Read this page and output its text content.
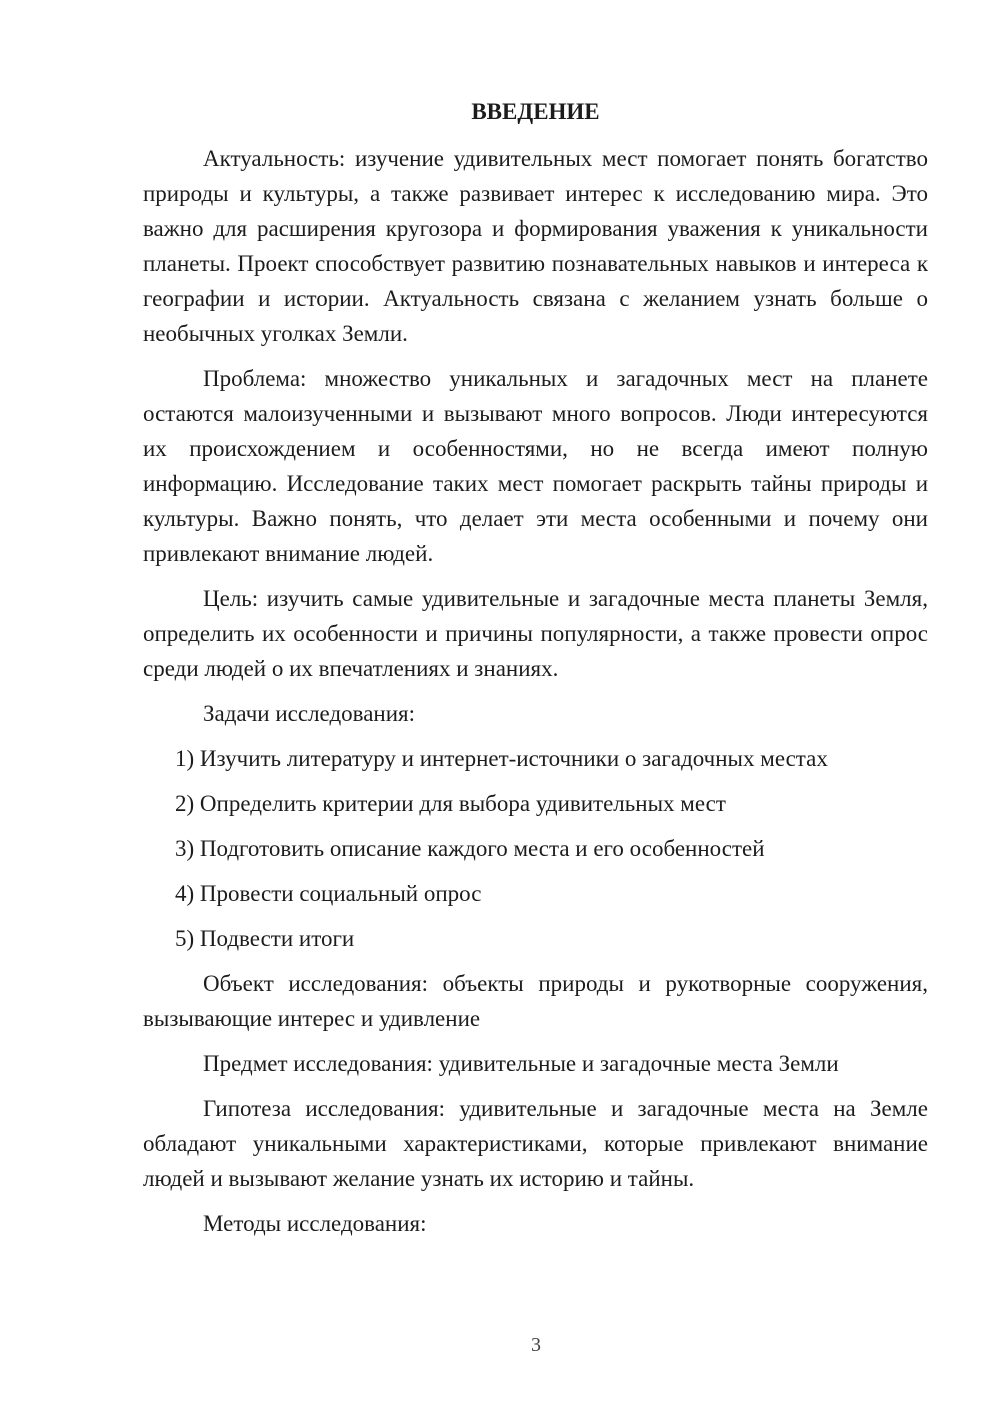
ВВЕДЕНИЕ

Актуальность: изучение удивительных мест помогает понять богатство природы и культуры, а также развивает интерес к исследованию мира. Это важно для расширения кругозора и формирования уважения к уникальности планеты. Проект способствует развитию познавательных навыков и интереса к географии и истории. Актуальность связана с желанием узнать больше о необычных уголках Земли.

Проблема: множество уникальных и загадочных мест на планете остаются малоизученными и вызывают много вопросов. Люди интересуются их происхождением и особенностями, но не всегда имеют полную информацию. Исследование таких мест помогает раскрыть тайны природы и культуры. Важно понять, что делает эти места особенными и почему они привлекают внимание людей.

Цель: изучить самые удивительные и загадочные места планеты Земля, определить их особенности и причины популярности, а также провести опрос среди людей о их впечатлениях и знаниях.

Задачи исследования:

1) Изучить литературу и интернет-источники о загадочных местах
2) Определить критерии для выбора удивительных мест
3) Подготовить описание каждого места и его особенностей
4) Провести социальный опрос
5) Подвести итоги

Объект исследования: объекты природы и рукотворные сооружения, вызывающие интерес и удивление

Предмет исследования: удивительные и загадочные места Земли

Гипотеза исследования: удивительные и загадочные места на Земле обладают уникальными характеристиками, которые привлекают внимание людей и вызывают желание узнать их историю и тайны.

Методы исследования:

3
